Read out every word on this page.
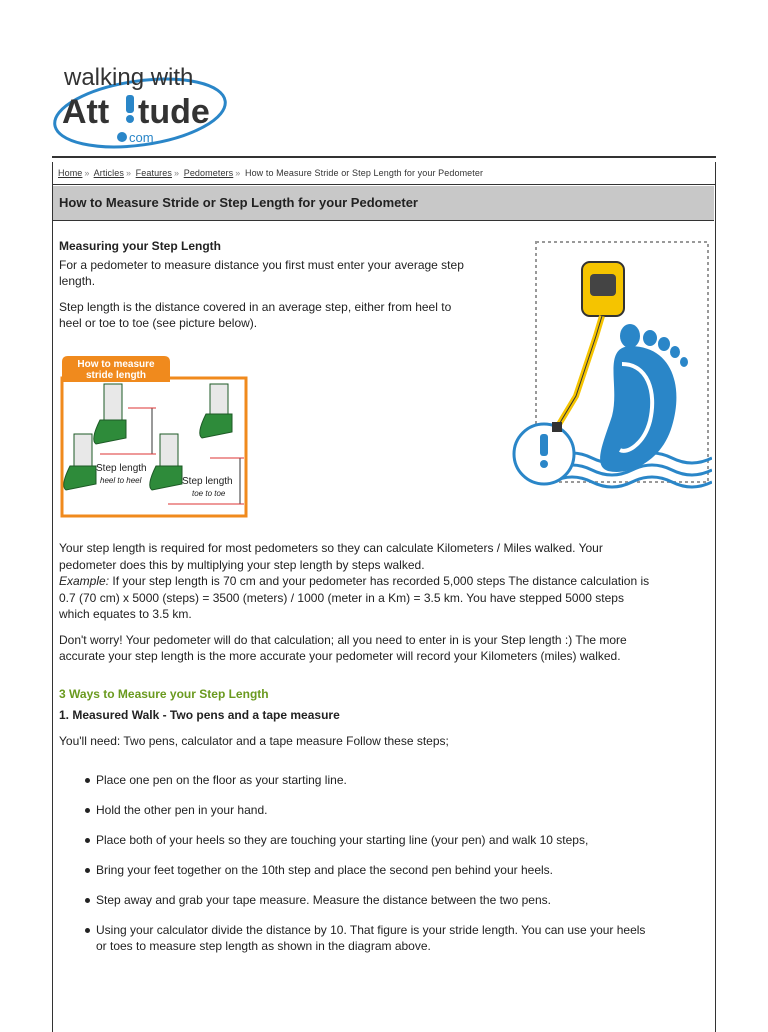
walking with
Att tude
com
Home » Articles » Features » Pedometers » How to Measure Stride or Step Length for your Pedometer
How to Measure Stride or Step Length for your Pedometer

Measuring your Step Length

For a pedometer to measure distance you first must enter your average step

length.

Step length is the distance covered in an average step, either from heel to

heel or toe to toe (see picture below).

How to measure
stride length
Step length
heel to heel	Step length
toe to toe

Your step length is required for most pedometers so they can calculate Kilometers / Miles walked. Your

pedometer does this by multiplying your step length by steps walked.

Example: If your step length is 70 cm and your pedometer has recorded 5,000 steps The distance calculation is

0.7 (70 cm) x 5000 (steps) = 3500 (meters) / 1000 (meter in a Km) = 3.5 km. You have stepped 5000 steps

which equates to 3.5 km.

Don't worry! Your pedometer will do that calculation; all you need to enter in is your Step length :) The more

accurate your step length is the more accurate your pedometer will record your Kilometers (miles) walked.

3 Ways to Measure your Step Length

1. Measured Walk - Two pens and a tape measure

You'll need: Two pens, calculator and a tape measure Follow these steps;

Place one pen on the floor as your starting line.
Hold the other pen in your hand.
Place both of your heels so they are touching your starting line (your pen) and walk 10 steps,
Bring your feet together on the 10th step and place the second pen behind your heels.
Step away and grab your tape measure. Measure the distance between the two pens.
Using your calculator divide the distance by 10. That figure is your stride length. You can use your heels
or toes to measure step length as shown in the diagram above.
